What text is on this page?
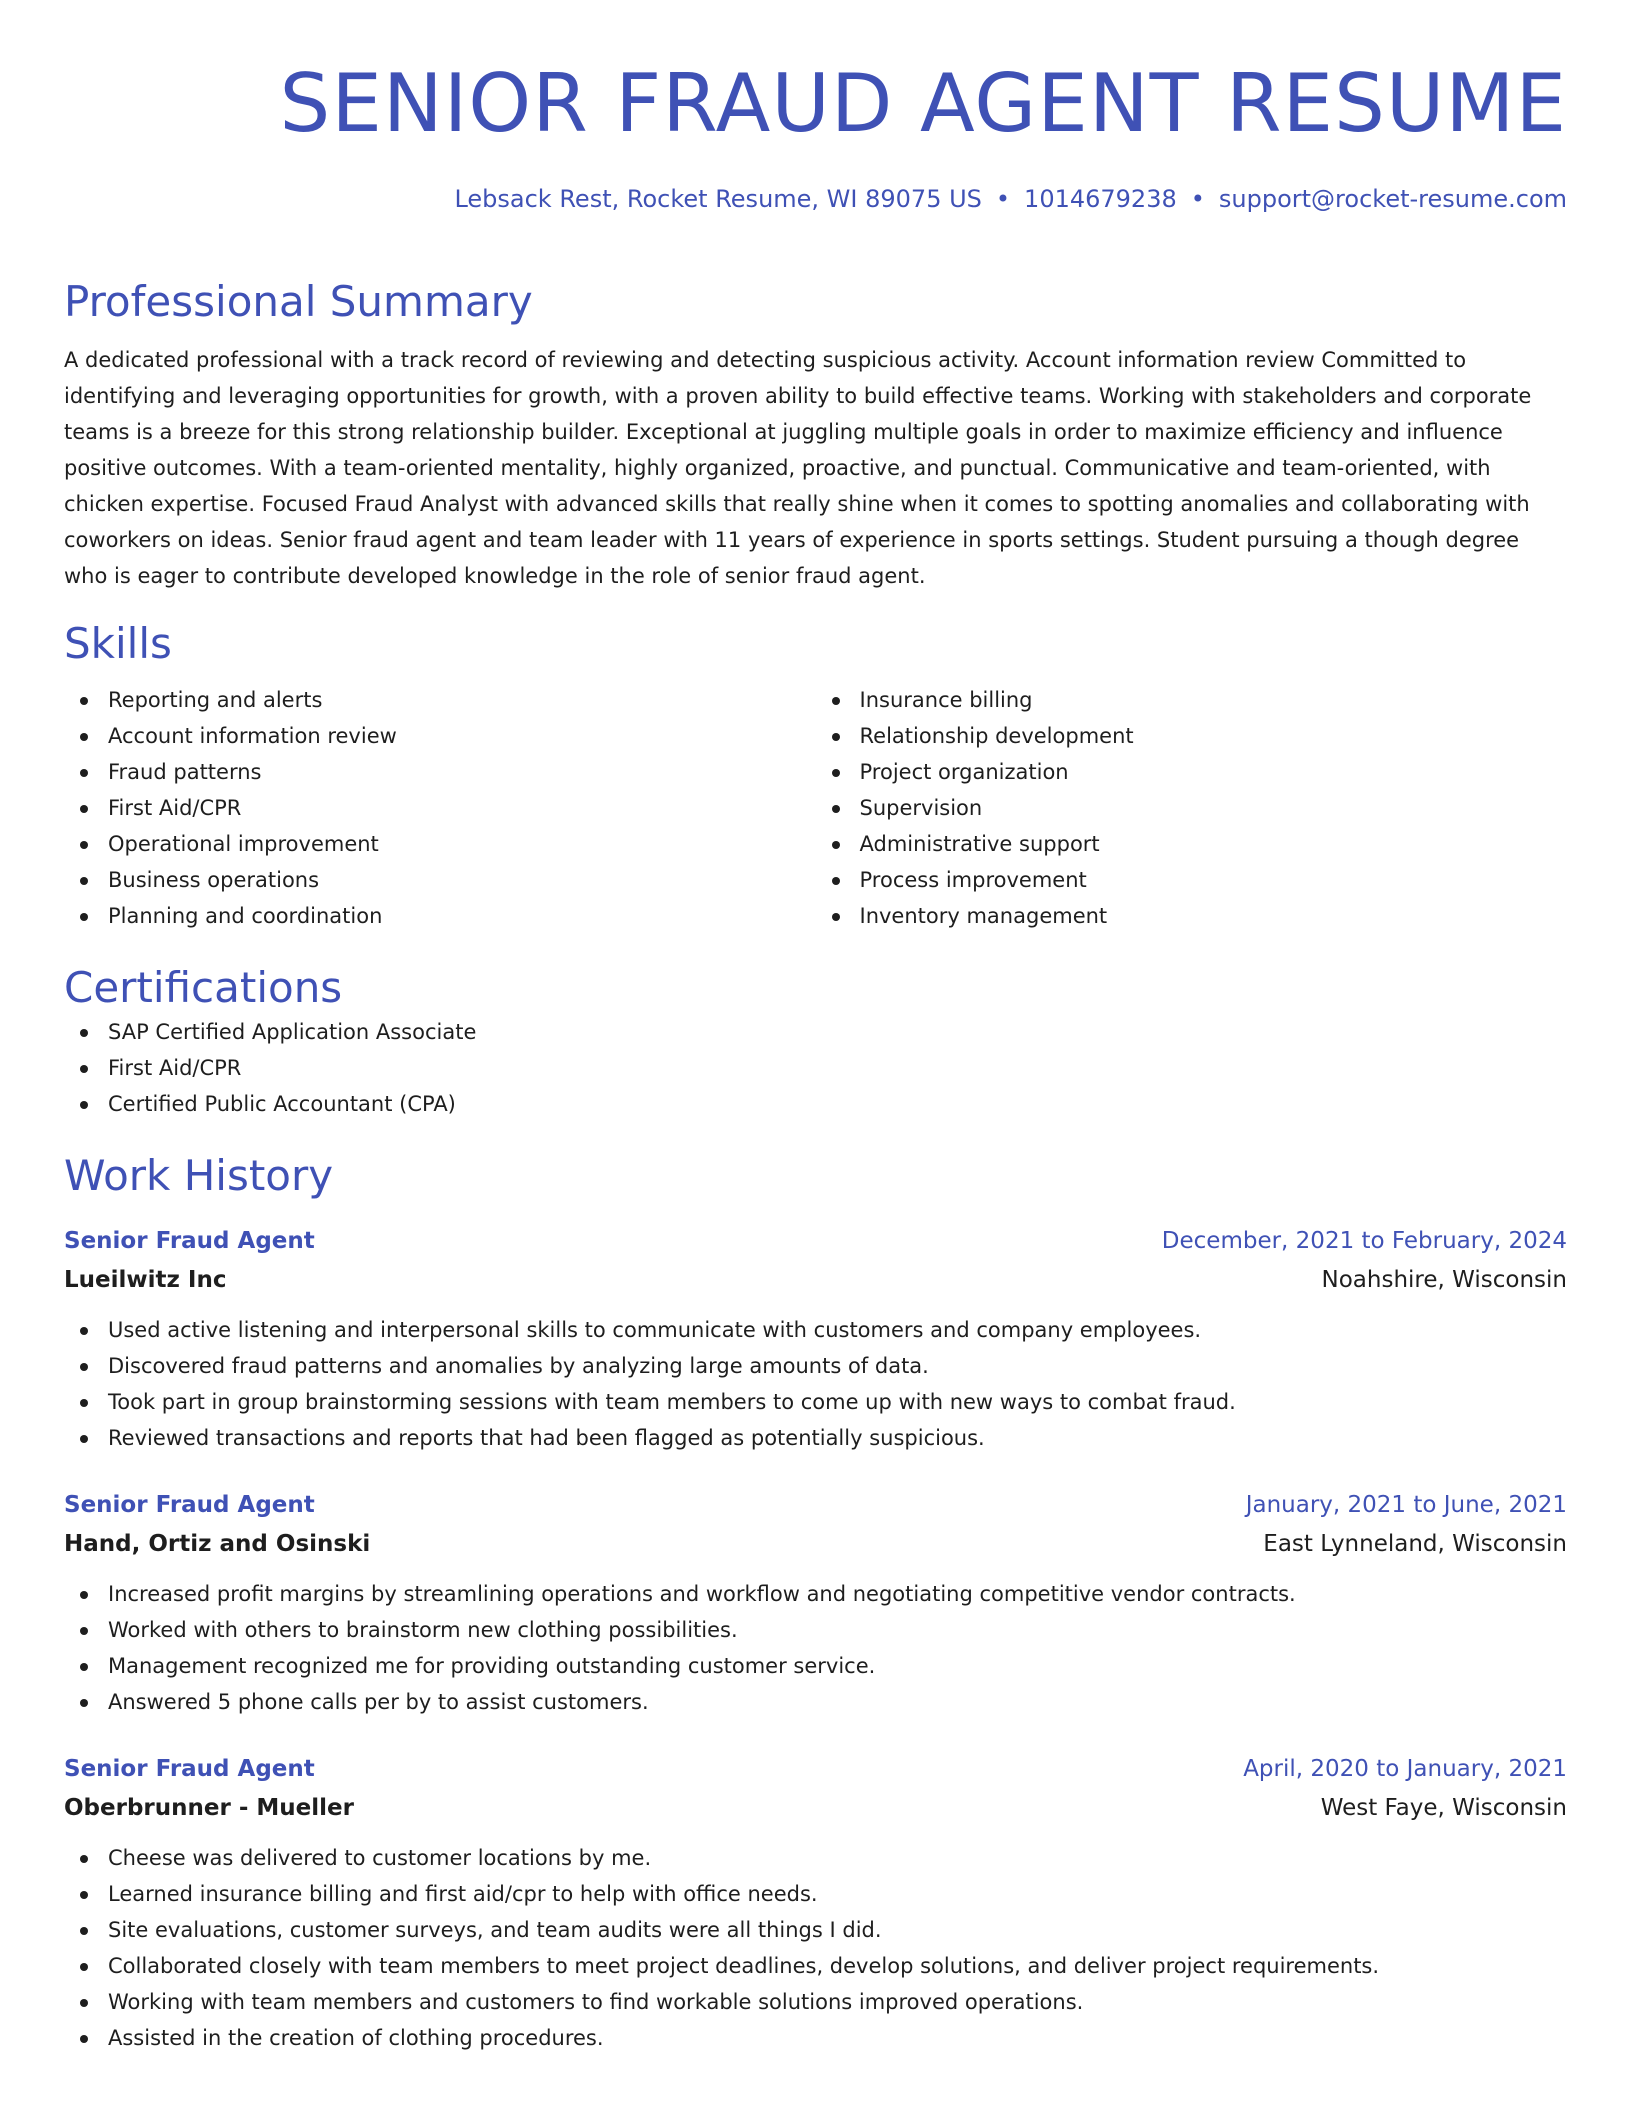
SENIOR FRAUD AGENT RESUME
Lebsack Rest, Rocket Resume, WI 89075 US • 1014679238 • support@rocket-resume.com
Professional Summary
A dedicated professional with a track record of reviewing and detecting suspicious activity. Account information review Committed to identifying and leveraging opportunities for growth, with a proven ability to build effective teams. Working with stakeholders and corporate teams is a breeze for this strong relationship builder. Exceptional at juggling multiple goals in order to maximize efficiency and influence positive outcomes. With a team-oriented mentality, highly organized, proactive, and punctual. Communicative and team-oriented, with chicken expertise. Focused Fraud Analyst with advanced skills that really shine when it comes to spotting anomalies and collaborating with coworkers on ideas. Senior fraud agent and team leader with 11 years of experience in sports settings. Student pursuing a though degree who is eager to contribute developed knowledge in the role of senior fraud agent.
Skills
Reporting and alerts
Account information review
Fraud patterns
First Aid/CPR
Operational improvement
Business operations
Planning and coordination
Insurance billing
Relationship development
Project organization
Supervision
Administrative support
Process improvement
Inventory management
Certifications
SAP Certified Application Associate
First Aid/CPR
Certified Public Accountant (CPA)
Work History
Senior Fraud Agent	December, 2021 to February, 2024
Lueilwitz Inc	Noahshire, Wisconsin
Used active listening and interpersonal skills to communicate with customers and company employees.
Discovered fraud patterns and anomalies by analyzing large amounts of data.
Took part in group brainstorming sessions with team members to come up with new ways to combat fraud.
Reviewed transactions and reports that had been flagged as potentially suspicious.
Senior Fraud Agent	January, 2021 to June, 2021
Hand, Ortiz and Osinski	East Lynneland, Wisconsin
Increased profit margins by streamlining operations and workflow and negotiating competitive vendor contracts.
Worked with others to brainstorm new clothing possibilities.
Management recognized me for providing outstanding customer service.
Answered 5 phone calls per by to assist customers.
Senior Fraud Agent	April, 2020 to January, 2021
Oberbrunner - Mueller	West Faye, Wisconsin
Cheese was delivered to customer locations by me.
Learned insurance billing and first aid/cpr to help with office needs.
Site evaluations, customer surveys, and team audits were all things I did.
Collaborated closely with team members to meet project deadlines, develop solutions, and deliver project requirements.
Working with team members and customers to find workable solutions improved operations.
Assisted in the creation of clothing procedures.
